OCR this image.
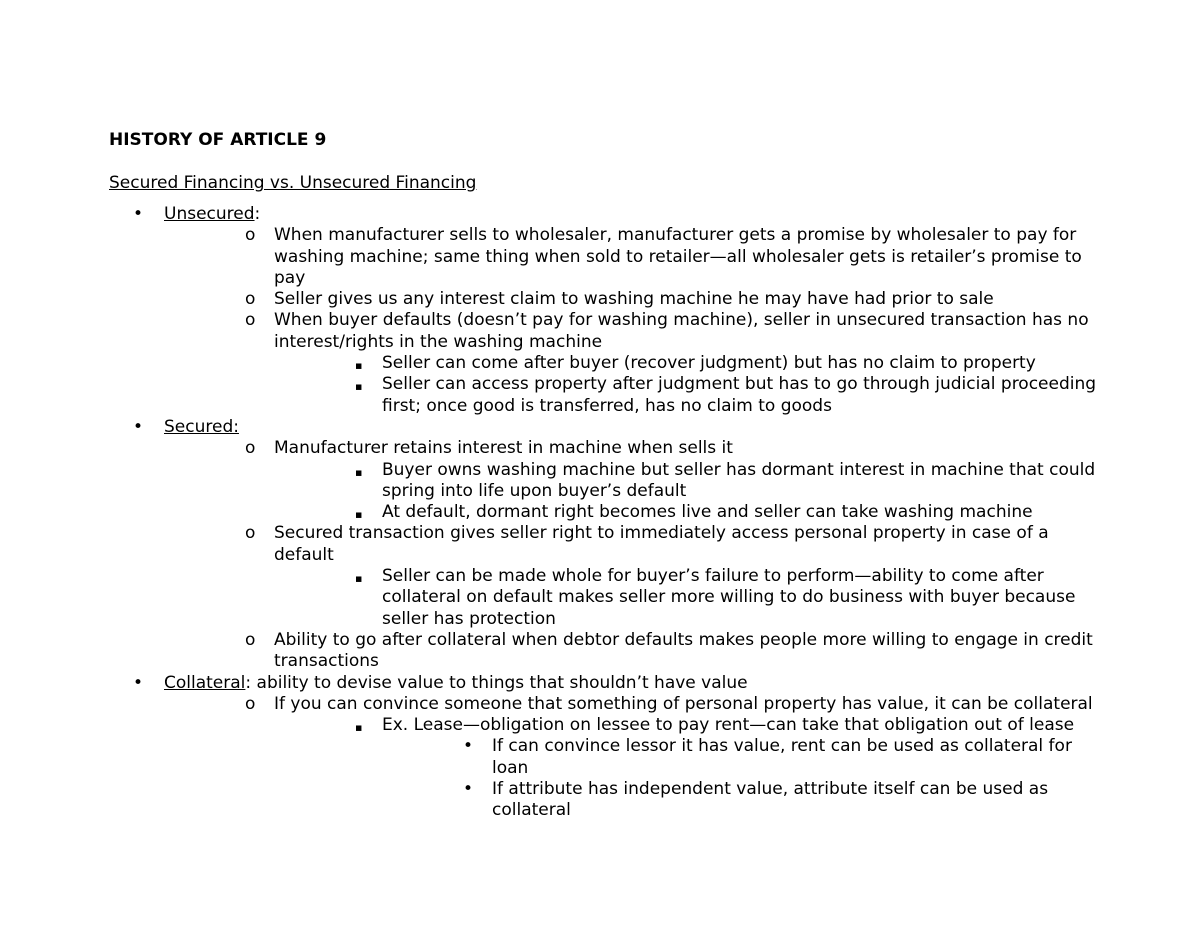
HISTORY OF ARTICLE 9
Secured Financing vs. Unsecured Financing
• Unsecured:
o When manufacturer sells to wholesaler, manufacturer gets a promise by wholesaler to pay for washing machine; same thing when sold to retailer—all wholesaler gets is retailer’s promise to pay
o Seller gives us any interest claim to washing machine he may have had prior to sale
o When buyer defaults (doesn’t pay for washing machine), seller in unsecured transaction has no interest/rights in the washing machine
▪ Seller can come after buyer (recover judgment) but has no claim to property
▪ Seller can access property after judgment but has to go through judicial proceeding first; once good is transferred, has no claim to goods
• Secured:
o Manufacturer retains interest in machine when sells it
▪ Buyer owns washing machine but seller has dormant interest in machine that could spring into life upon buyer’s default
▪ At default, dormant right becomes live and seller can take washing machine
o Secured transaction gives seller right to immediately access personal property in case of a default
▪ Seller can be made whole for buyer’s failure to perform—ability to come after collateral on default makes seller more willing to do business with buyer because seller has protection
o Ability to go after collateral when debtor defaults makes people more willing to engage in credit transactions
• Collateral: ability to devise value to things that shouldn’t have value
o If you can convince someone that something of personal property has value, it can be collateral
▪ Ex. Lease—obligation on lessee to pay rent—can take that obligation out of lease
• If can convince lessor it has value, rent can be used as collateral for loan
• If attribute has independent value, attribute itself can be used as collateral
